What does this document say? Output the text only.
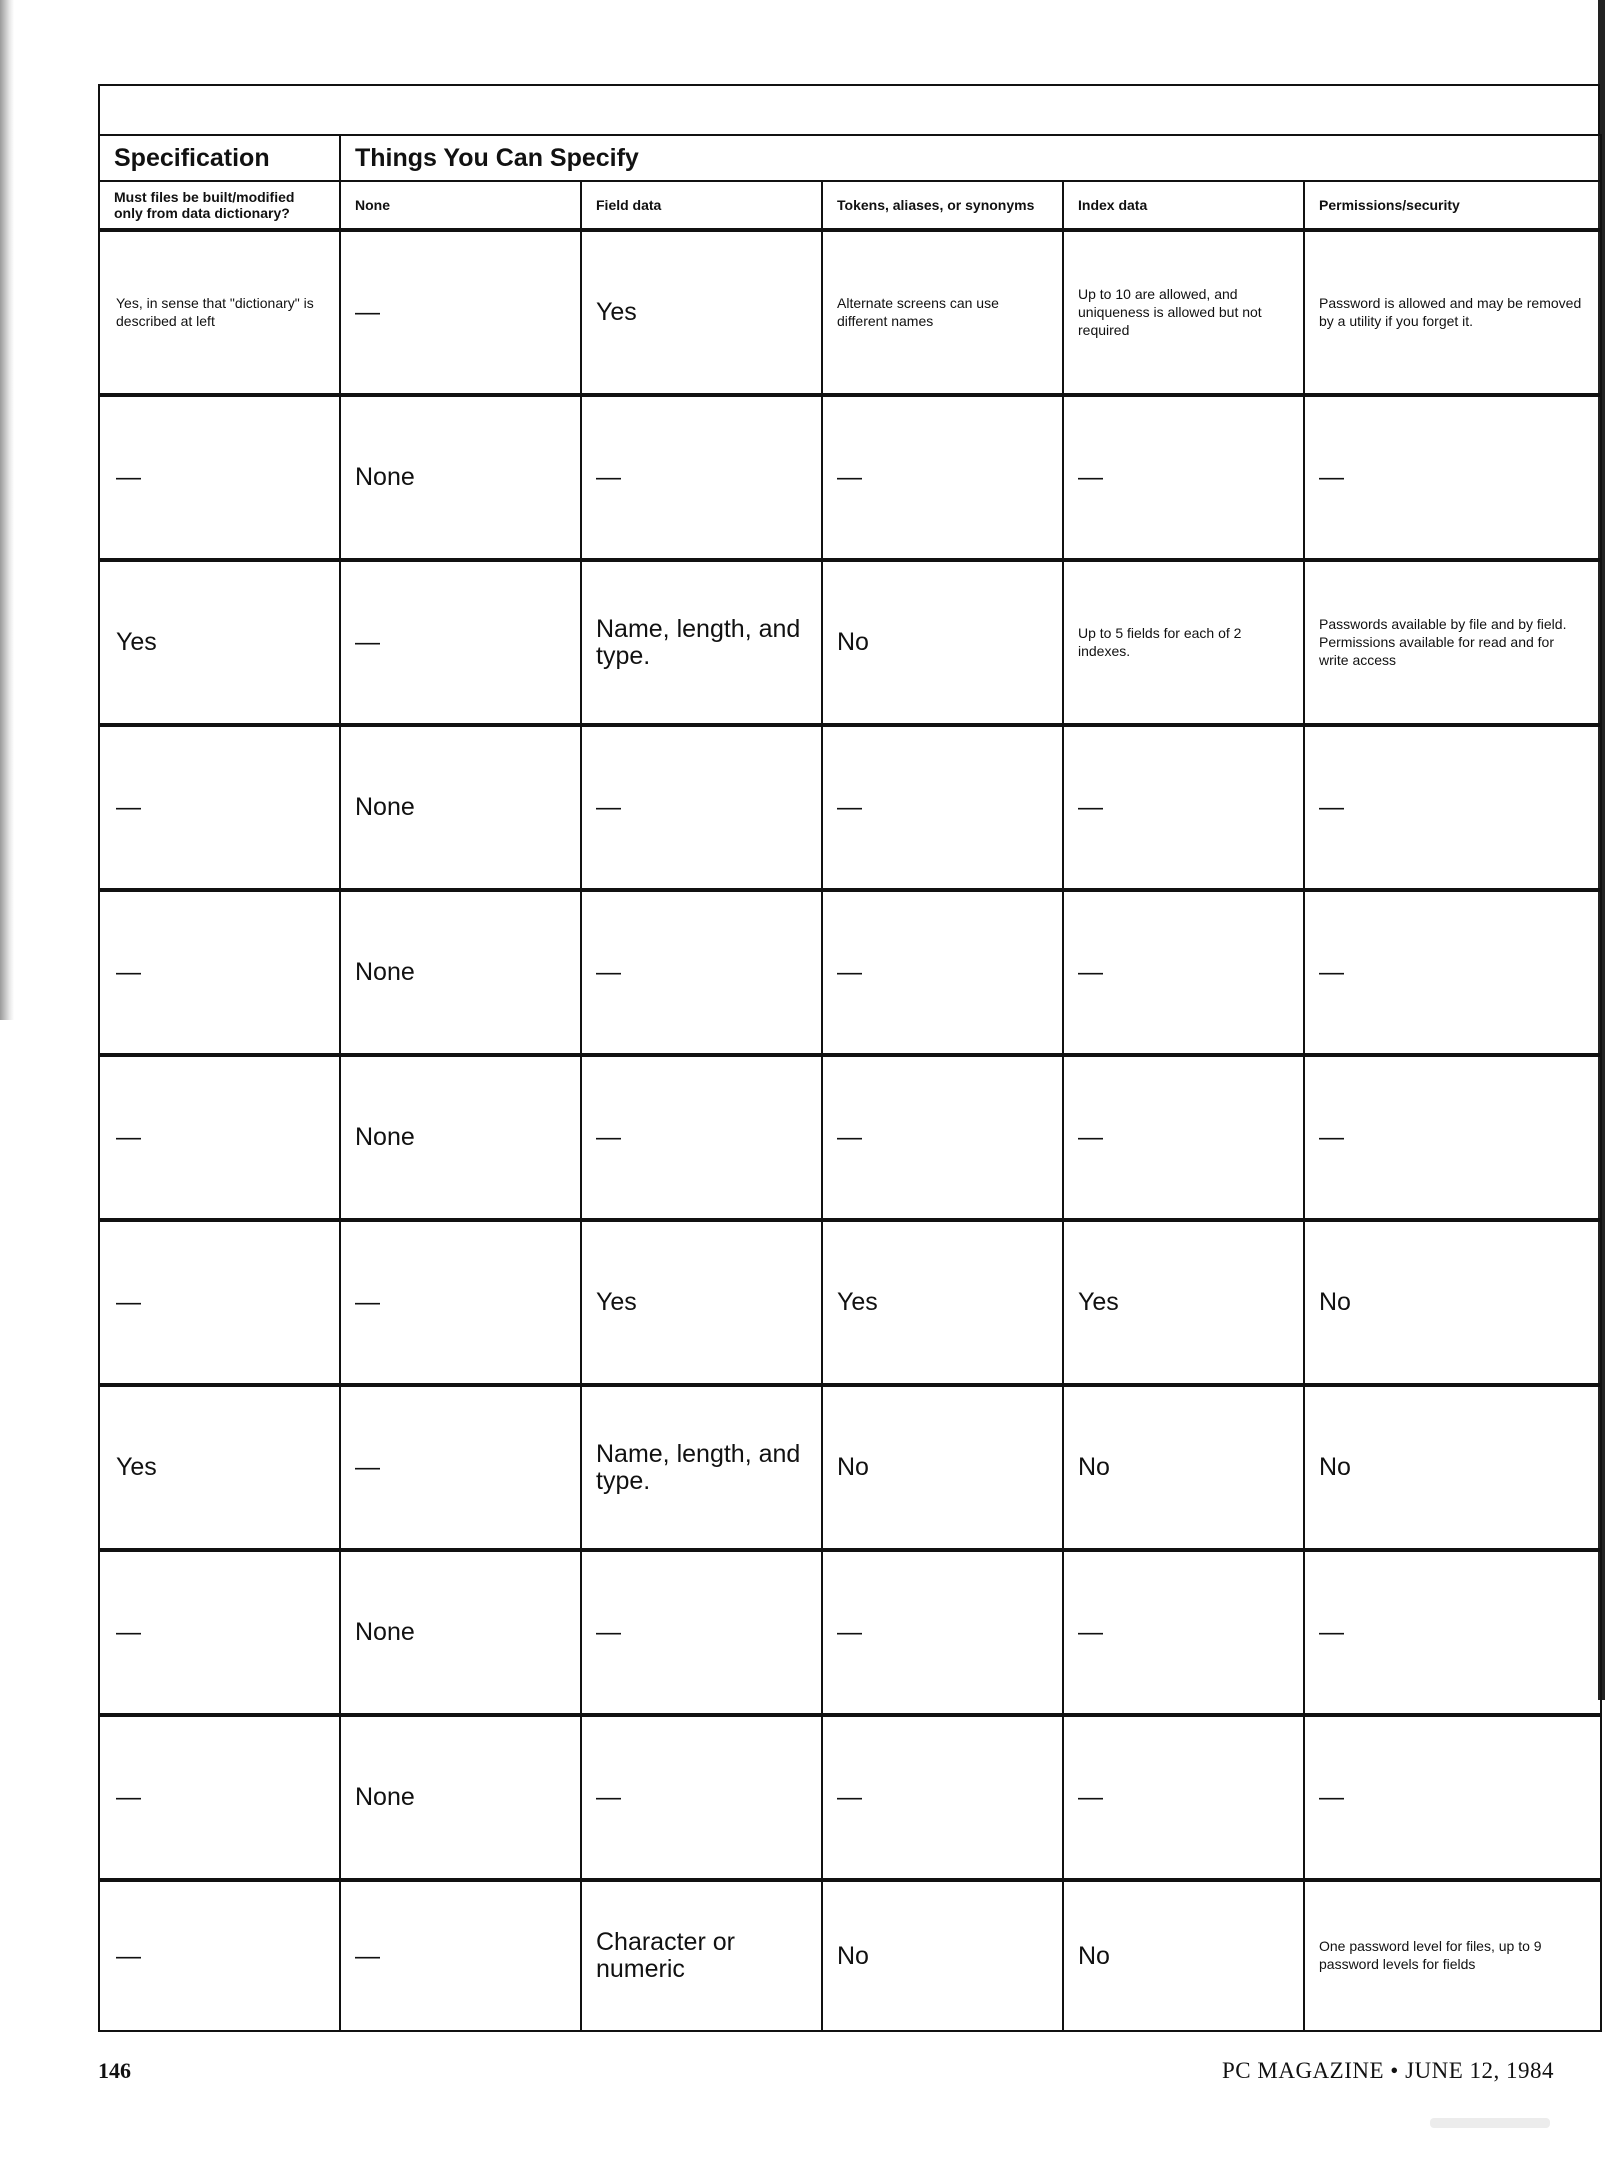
Specification	Things You Can Specify				
Must files be built/modified only from data dictionary?	None	Field data	Tokens, aliases, or synonyms	Index data	Permissions/security
Yes, in sense that "dictionary" is described at left	—	Yes	Alternate screens can use different names	Up to 10 are allowed, and uniqueness is allowed but not required	Password is allowed and may be removed by a utility if you forget it.
—	None	—	—	—	—
Yes	—	Name, length, and type.	No	Up to 5 fields for each of 2 indexes.	Passwords available by file and by field. Permissions available for read and for write access
—	None	—	—	—	—
—	None	—	—	—	—
—	None	—	—	—	—
—	—	Yes	Yes	Yes	No
Yes	—	Name, length, and type.	No	No	No
—	None	—	—	—	—
—	None	—	—	—	—
—	—	Character or numeric	No	No	One password level for files, up to 9 password levels for fields
146	PC MAGAZINE • JUNE 12, 1984
